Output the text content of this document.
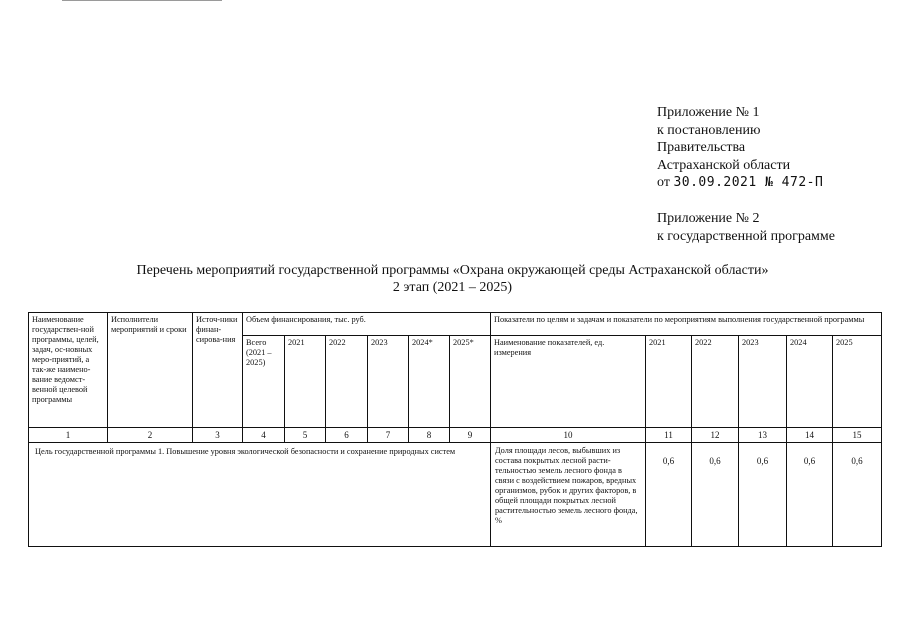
Приложение № 1
к постановлению
Правительства
Астраханской области
от 30.09.2021 № 472-П
Приложение № 2
к государственной программе
Перечень мероприятий государственной программы «Охрана окружающей среды Астраханской области»
2 этап (2021 – 2025)
Наименование государствен-ной программы, целей, задач, ос-новных меро-приятий, а так-же наимено-вание ведомст-венной целевой программы	Исполнители мероприятий и сроки	Источ-ники финан-сирова-ния	Объем финансирования, тыс. руб.						Показатели по целям и задачам и показатели по мероприятиям выполнения государственной программы					
			Всего (2021 – 2025)	2021	2022	2023	2024*	2025*	Наименование показателей, ед. измерения	2021	2022	2023	2024	2025
1	2	3	4	5	6	7	8	9	10	11	12	13	14	15
Цель государственной программы 1. Повышение уровня экологической безопасности и сохранение природных систем									Доля площади лесов, выбывших из состава покрытых лесной расти-тельностью земель лесного фонда в связи с воздействием пожаров, вредных организмов, рубок и других факторов, в общей площади покрытых лесной растительностью земель лесного фонда, %	0,6	0,6	0,6	0,6	0,6
